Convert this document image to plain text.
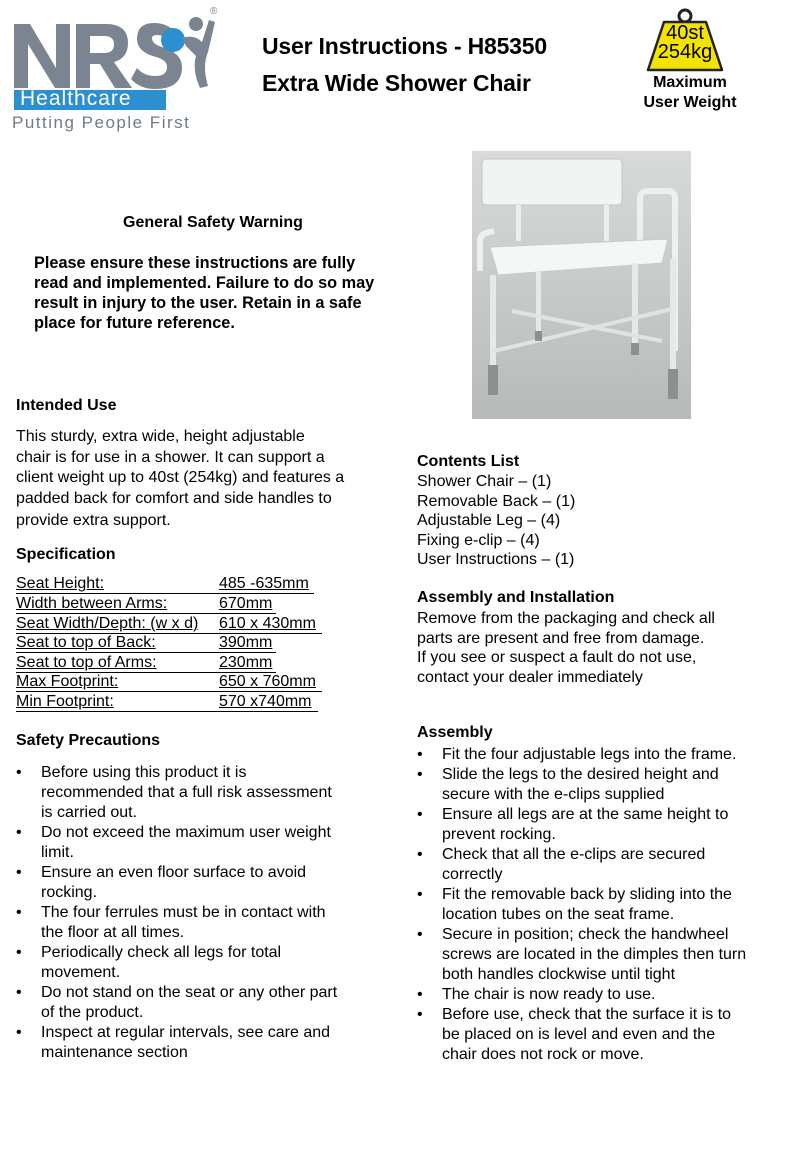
Healthcare
Putting People First
®
User Instructions - H85350
Extra Wide Shower Chair
40st
254kg
Maximum
User Weight
General Safety Warning
Please ensure these instructions are fully
read and implemented. Failure to do so may
result in injury to the user. Retain in a safe
place for future reference.
Intended Use
This sturdy, extra wide, height adjustable
chair is for use in a shower. It can support a
client weight up to 40st (254kg) and features a
padded back for comfort and side handles to
provide extra support.
Specification
Seat Height:	485 -635mm
Width between Arms:	670mm
Seat Width/Depth: (w x d)	610 x 430mm
Seat to top of Back:	390mm
Seat to top of Arms:	230mm
Max Footprint:	650 x 760mm
Min Footprint:	570 x740mm
Safety Precautions
• Before using this product it is
recommended that a full risk assessment
is carried out.
• Do not exceed the maximum user weight
limit.
• Ensure an even floor surface to avoid
rocking.
• The four ferrules must be in contact with
the floor at all times.
• Periodically check all legs for total
movement.
• Do not stand on the seat or any other part
of the product.
• Inspect at regular intervals, see care and
maintenance section
Contents List
Shower Chair – (1)
Removable Back – (1)
Adjustable Leg – (4)
Fixing e-clip – (4)
User Instructions – (1)
Assembly and Installation
Remove from the packaging and check all
parts are present and free from damage.
If you see or suspect a fault do not use,
contact your dealer immediately
Assembly
• Fit the four adjustable legs into the frame.
• Slide the legs to the desired height and
secure with the e-clips supplied
• Ensure all legs are at the same height to
prevent rocking.
• Check that all the e-clips are secured
correctly
• Fit the removable back by sliding into the
location tubes on the seat frame.
• Secure in position; check the handwheel
screws are located in the dimples then turn
both handles clockwise until tight
• The chair is now ready to use.
• Before use, check that the surface it is to
be placed on is level and even and the
chair does not rock or move.
